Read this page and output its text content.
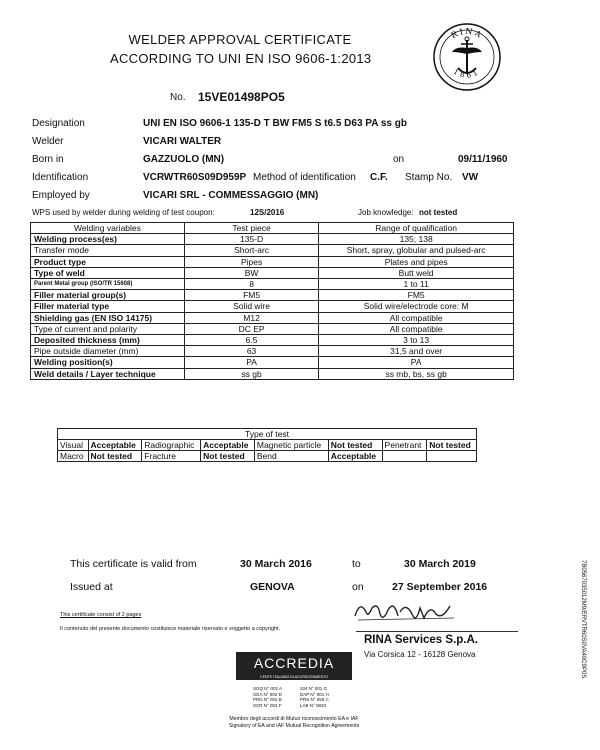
WELDER APPROVAL CERTIFICATE
ACCORDING TO UNI EN ISO 9606-1:2013
RINA
1861
No. 15VE01498PO5
Designation	UNI EN ISO 9606-1 135-D T BW FM5 S t6.5 D63 PA ss gb
Welder	VICARI WALTER
Born in	GAZZUOLO (MN)	on	09/11/1960
Identification	VCRWTR60S09D959P Method of identification C.F. Stamp No. VW
Employed by	VICARI SRL - COMMESSAGGIO (MN)
WPS used by welder during welding of test coupon:	12S/2016	Job knowledge: not tested
Welding variables	Test piece	Range of qualification
Welding process(es)	135-D	135; 138
Transfer mode	Short-arc	Short, spray, globular and pulsed-arc
Product type	Pipes	Plates and pipes
Type of weld	BW	Butt weld
Parent Metal group (ISO/TR 15608)	8	1 to 11
Filler material group(s)	FM5	FM5
Filler material type	Solid wire	Solid wire/electrode core: M
Shielding gas (EN ISO 14175)	M12	All compatible
Type of current and polarity	DC EP	All compatible
Deposited thickness (mm)	6.5	3 to 13
Pipe outside diameter (mm)	63	31,5 and over
Welding position(s)	PA	PA
Weld details / Layer technique	ss gb	ss mb, bs, ss gb
Type of test							
Visual	Acceptable	Radiographic	Acceptable	Magnetic particle	Not tested	Penetrant	Not tested
Macro	Not tested	Fracture	Not tested	Bend	Acceptable		
This certificate is valid from	30 March 2016	to	30 March 2019
Issued at	GENOVA	on	27 September 2016
This certificate consist of 2 pages
Il contenuto del presente documento costituisce materiale riservato e soggetto a copyright.
RINA Services S.p.A.
Via Corsica 12 - 16128 Genova
ACCREDIA
L'ENTE ITALIANO DI ACCREDITAMENTO
SGQ N° 002 A
SGA N° 002 D
PRD N° 002 B
SCR N° 003 F
SSI N° 001 G
DAP N° 001 H
PRS N° 055 C
LAB N° 0832
Membro degli accordi di Mutuo riconoscimento EA e IAF
Signatory of EA and IAF Mutual Recognition Agreements
7B0567035012M9/ERVTR60S0VA40C9P0S
